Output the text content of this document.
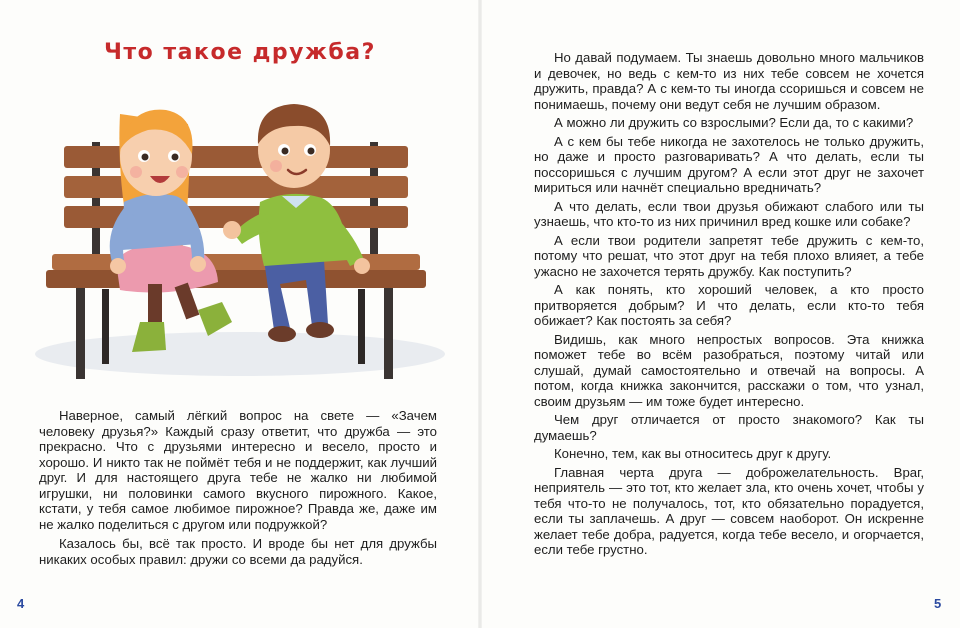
Что такое дружба?

Наверное, самый лёгкий вопрос на свете — «Зачем человеку друзья?» Каждый сразу ответит, что дружба — это прекрасно. Что с друзьями интересно и весело, просто и хорошо. И никто так не поймёт тебя и не поддержит, как лучший друг. И для настоящего друга тебе не жалко ни любимой игрушки, ни половинки самого вкусного пирожного. Какое, кстати, у тебя самое любимое пирожное? Правда же, даже им не жалко поделиться с другом или подружкой?

Казалось бы, всё так просто. И вроде бы нет для дружбы никаких особых правил: дружи со всеми да радуйся.

4	5

Но давай подумаем. Ты знаешь довольно много мальчиков и девочек, но ведь с кем-то из них тебе совсем не хочется дружить, правда? А с кем-то ты иногда ссоришься и совсем не понимаешь, почему они ведут себя не лучшим образом.

А можно ли дружить со взрослыми? Если да, то с какими?

А с кем бы тебе никогда не захотелось не только дружить, но даже и просто разговаривать? А что делать, если ты поссоришься с лучшим другом? А если этот друг не захочет мириться или начнёт специально вредничать?

А что делать, если твои друзья обижают слабого или ты узнаешь, что кто-то из них причинил вред кошке или собаке?

А если твои родители запретят тебе дружить с кем-то, потому что решат, что этот друг на тебя плохо влияет, а тебе ужасно не захочется терять дружбу. Как поступить?

А как понять, кто хороший человек, а кто просто притворяется добрым? И что делать, если кто-то тебя обижает? Как постоять за себя?

Видишь, как много непростых вопросов. Эта книжка поможет тебе во всём разобраться, поэтому читай или слушай, думай самостоятельно и отвечай на вопросы. А потом, когда книжка закончится, расскажи о том, что узнал, своим друзьям — им тоже будет интересно.

Чем друг отличается от просто знакомого? Как ты думаешь?

Конечно, тем, как вы относитесь друг к другу.

Главная черта друга — доброжелательность. Враг, неприятель — это тот, кто желает зла, кто очень хочет, чтобы у тебя что-то не получалось, тот, кто обязательно порадуется, если ты заплачешь. А друг — совсем наоборот. Он искренне желает тебе добра, радуется, когда тебе весело, и огорчается, если тебе грустно.
